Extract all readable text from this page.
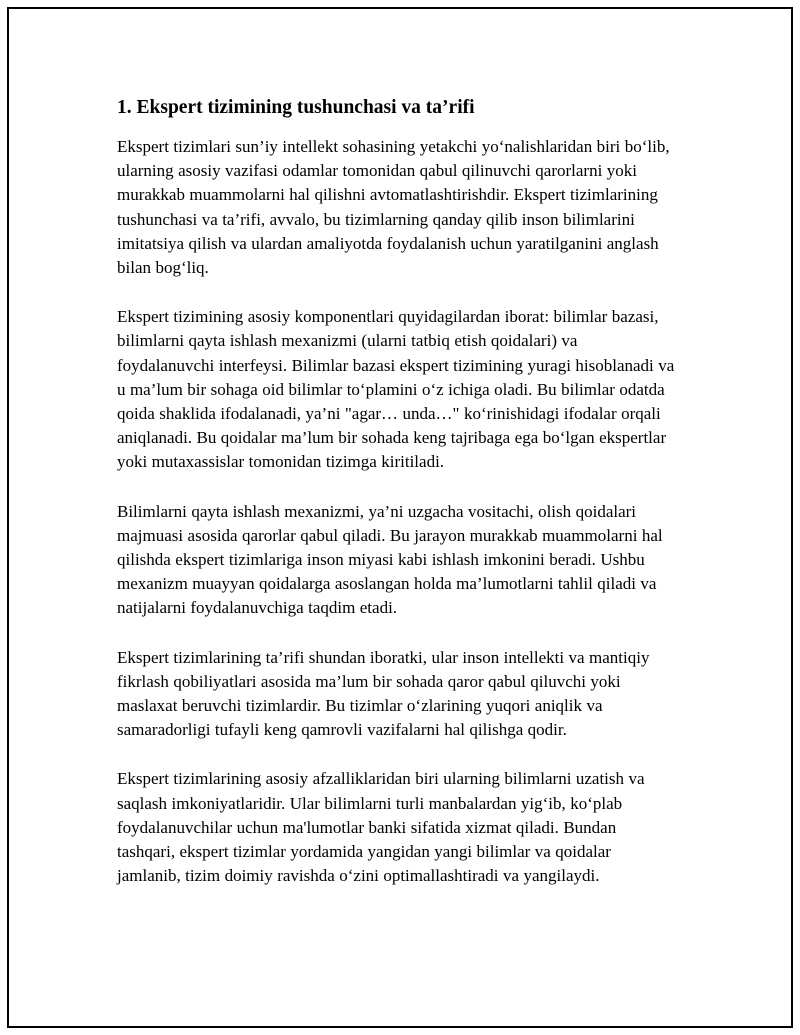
1. Ekspert tizimining tushunchasi va ta’rifi

Ekspert tizimlari sun’iy intellekt sohasining yetakchi yo‘nalishlaridan biri bo‘lib, ularning asosiy vazifasi odamlar tomonidan qabul qilinuvchi qarorlarni yoki murakkab muammolarni hal qilishni avtomatlashtirishdir. Ekspert tizimlarining tushunchasi va ta’rifi, avvalo, bu tizimlarning qanday qilib inson bilimlarini imitatsiya qilish va ulardan amaliyotda foydalanish uchun yaratilganini anglash bilan bog‘liq.

Ekspert tizimining asosiy komponentlari quyidagilardan iborat: bilimlar bazasi, bilimlarni qayta ishlash mexanizmi (ularni tatbiq etish qoidalari) va foydalanuvchi interfeysi. Bilimlar bazasi ekspert tizimining yuragi hisoblanadi va u ma’lum bir sohaga oid bilimlar to‘plamini o‘z ichiga oladi. Bu bilimlar odatda qoida shaklida ifodalanadi, ya’ni "agar… unda…" ko‘rinishidagi ifodalar orqali aniqlanadi. Bu qoidalar ma’lum bir sohada keng tajribaga ega bo‘lgan ekspertlar yoki mutaxassislar tomonidan tizimga kiritiladi.

Bilimlarni qayta ishlash mexanizmi, ya’ni uzgacha vositachi, olish qoidalari majmuasi asosida qarorlar qabul qiladi. Bu jarayon murakkab muammolarni hal qilishda ekspert tizimlariga inson miyasi kabi ishlash imkonini beradi. Ushbu mexanizm muayyan qoidalarga asoslangan holda ma’lumotlarni tahlil qiladi va natijalarni foydalanuvchiga taqdim etadi.

Ekspert tizimlarining ta’rifi shundan iboratki, ular inson intellekti va mantiqiy fikrlash qobiliyatlari asosida ma’lum bir sohada qaror qabul qiluvchi yoki maslaxat beruvchi tizimlardir. Bu tizimlar o‘zlarining yuqori aniqlik va samaradorligi tufayli keng qamrovli vazifalarni hal qilishga qodir.

Ekspert tizimlarining asosiy afzalliklaridan biri ularning bilimlarni uzatish va saqlash imkoniyatlaridir. Ular bilimlarni turli manbalardan yig‘ib, ko‘plab foydalanuvchilar uchun ma'lumotlar banki sifatida xizmat qiladi. Bundan tashqari, ekspert tizimlar yordamida yangidan yangi bilimlar va qoidalar jamlanib, tizim doimiy ravishda o‘zini optimallashtiradi va yangilaydi.
